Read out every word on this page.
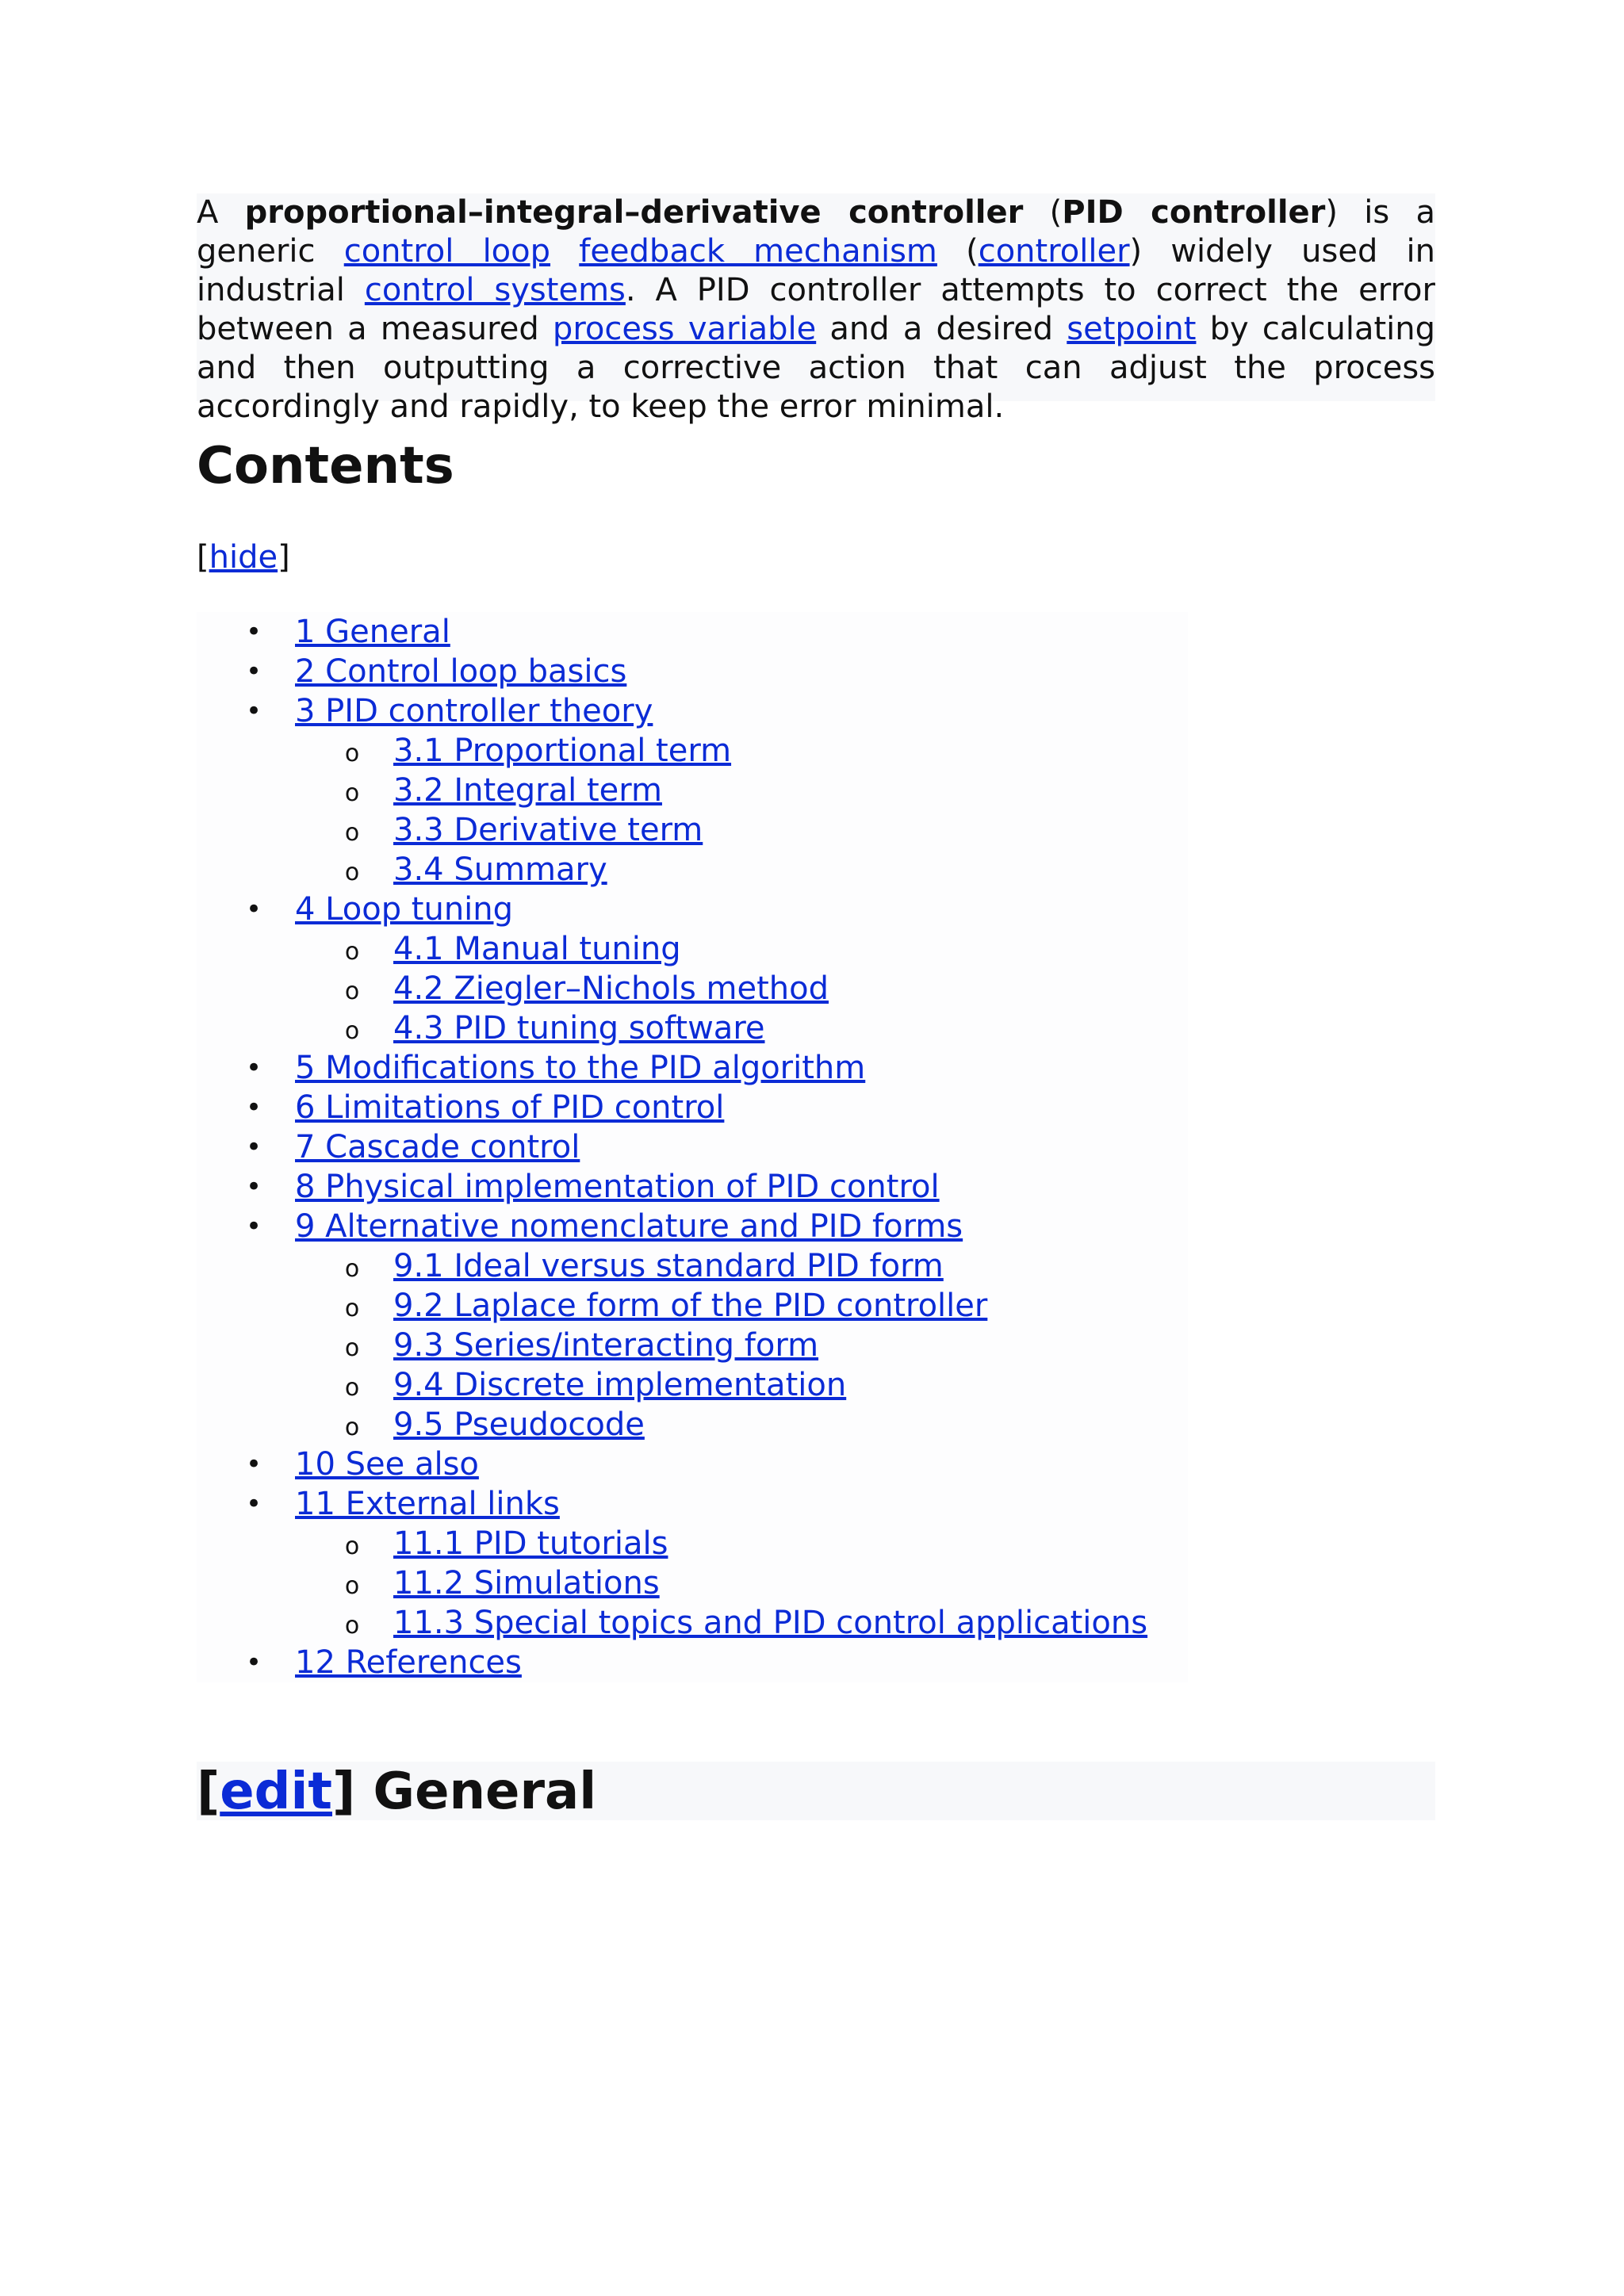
A proportional–integral–derivative controller (PID controller) is a generic control loop feedback mechanism (controller) widely used in industrial control systems. A PID controller attempts to correct the error between a measured process variable and a desired setpoint by calculating and then outputting a corrective action that can adjust the process accordingly and rapidly, to keep the error minimal.

Contents
[hide]
• 1 General
• 2 Control loop basics
• 3 PID controller theory
o 3.1 Proportional term
o 3.2 Integral term
o 3.3 Derivative term
o 3.4 Summary
• 4 Loop tuning
o 4.1 Manual tuning
o 4.2 Ziegler–Nichols method
o 4.3 PID tuning software
• 5 Modifications to the PID algorithm
• 6 Limitations of PID control
• 7 Cascade control
• 8 Physical implementation of PID control
• 9 Alternative nomenclature and PID forms
o 9.1 Ideal versus standard PID form
o 9.2 Laplace form of the PID controller
o 9.3 Series/interacting form
o 9.4 Discrete implementation
o 9.5 Pseudocode
• 10 See also
• 11 External links
o 11.1 PID tutorials
o 11.2 Simulations
o 11.3 Special topics and PID control applications
• 12 References
[edit] General
